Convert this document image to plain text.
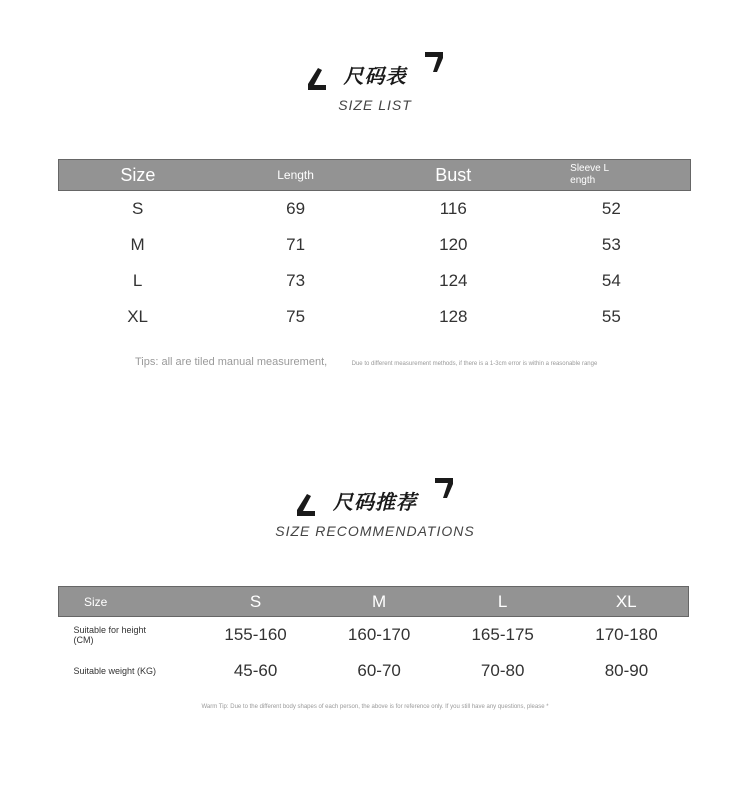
尺码表
SIZE LIST
Size	Length	Bust	Sleeve L ength

S	69	116	52
M	71	120	53
L	73	124	54
XL	75	128	55
Tips: all are tiled manual measurement,	Due to different measurement methods, if there is a 1-3cm error is within a reasonable range
尺码推荐
SIZE RECOMMENDATIONS
Size	S	M	L	XL

Suitable for height (CM)	155-160	160-170	165-175	170-180
Suitable weight (KG)	45-60	60-70	70-80	80-90
Warm Tip: Due to the different body shapes of each person, the above is for reference only. If you still have any questions, please *
